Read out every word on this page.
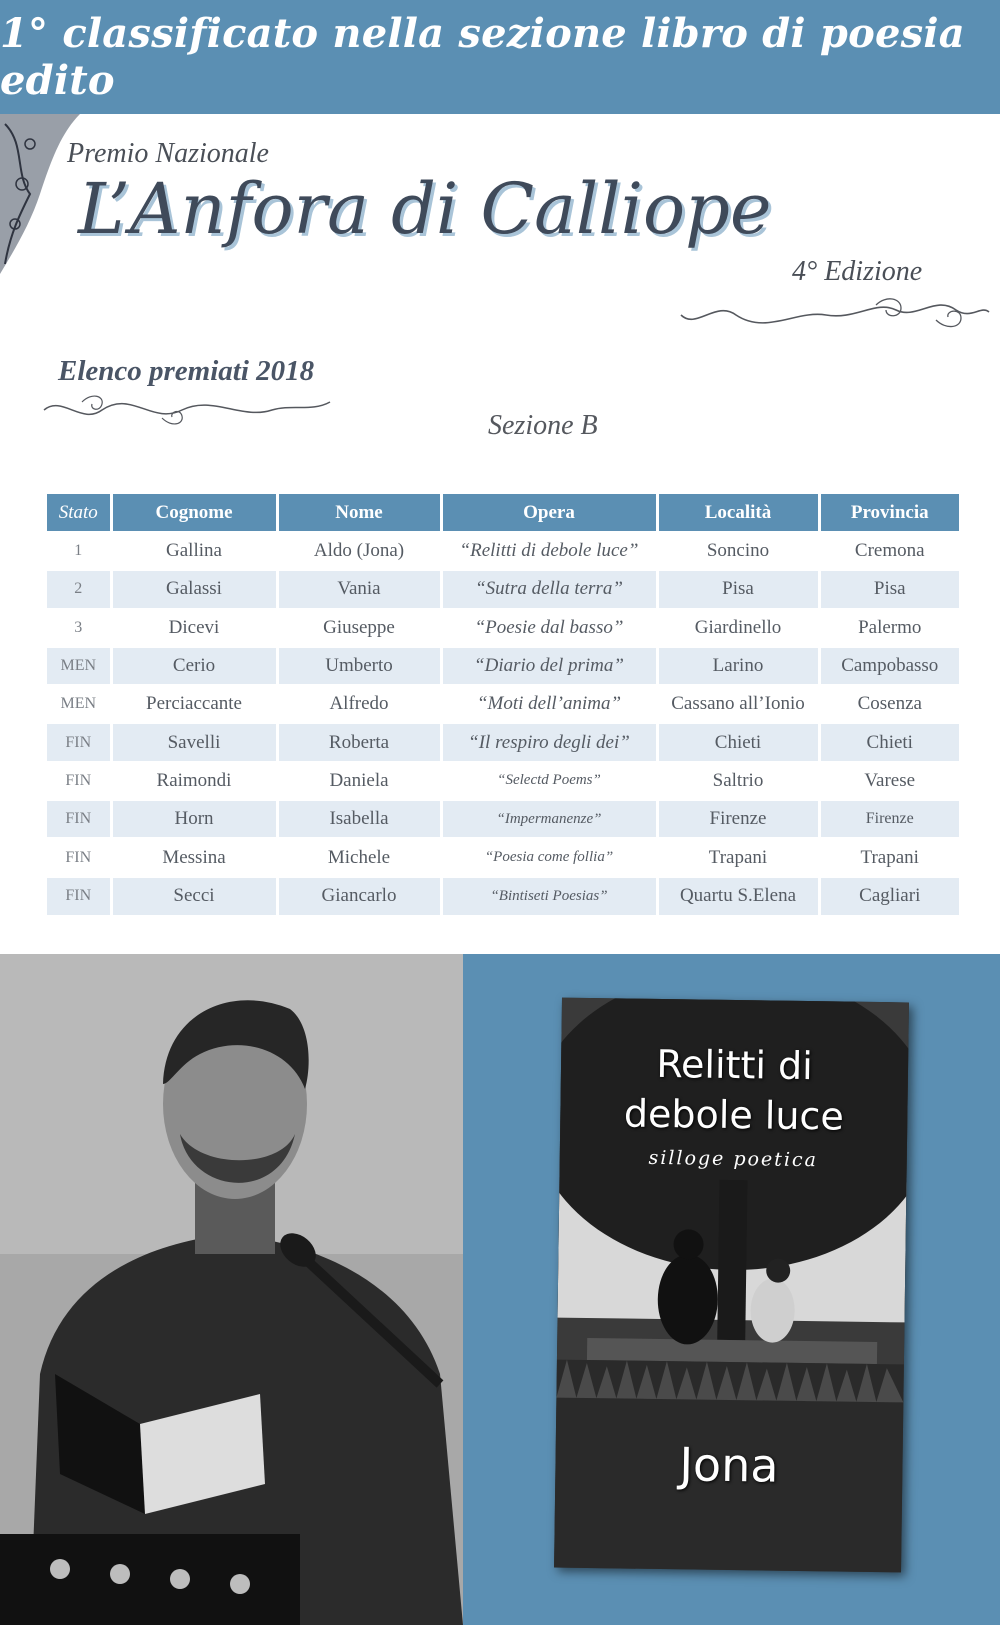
1° classificato nella sezione libro di poesia edito
Premio Nazionale
L’Anfora di Calliope
4° Edizione
Elenco premiati 2018
Sezione B
Stato	Cognome	Nome	Opera	Località	Provincia
1	Gallina	Aldo (Jona)	“Relitti di debole luce”	Soncino	Cremona
2	Galassi	Vania	“Sutra della terra”	Pisa	Pisa
3	Dicevi	Giuseppe	“Poesie dal basso”	Giardinello	Palermo
MEN	Cerio	Umberto	“Diario del prima”	Larino	Campobasso
MEN	Perciaccante	Alfredo	“Moti dell’anima”	Cassano all’Ionio	Cosenza
FIN	Savelli	Roberta	“Il respiro degli dei”	Chieti	Chieti
FIN	Raimondi	Daniela	“Selectd Poems”	Saltrio	Varese
FIN	Horn	Isabella	“Impermanenze”	Firenze	Firenze
FIN	Messina	Michele	“Poesia come follia”	Trapani	Trapani
FIN	Secci	Giancarlo	“Bintiseti Poesias”	Quartu S.Elena	Cagliari
Relitti di
debole luce
silloge poetica
Jona
